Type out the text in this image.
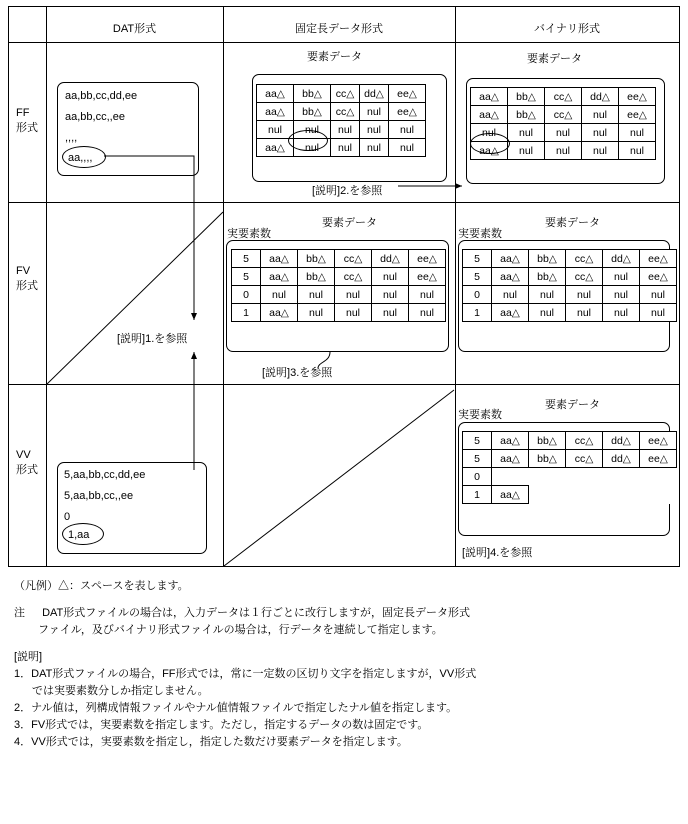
DAT形式	固定長データ形式	バイナリ形式
FF
形式
FV
形式
VV
形式
aa,bb,cc,dd,ee
aa,bb,cc,,ee
,,,,
aa,,,,
5,aa,bb,cc,dd,ee
5,aa,bb,cc,,ee
0
1,aa
要素データ
aa△	bb△	cc△	dd△	ee△
aa△	bb△	cc△	nul	ee△
nul	nul	nul	nul	nul
aa△	nul	nul	nul	nul
[説明]2.を参照
要素データ
aa△	bb△	cc△	dd△	ee△
aa△	bb△	cc△	nul	ee△
nul	nul	nul	nul	nul
aa△	nul	nul	nul	nul
実要素数
要素データ
5	aa△	bb△	cc△	dd△	ee△
5	aa△	bb△	cc△	nul	ee△
0	nul	nul	nul	nul	nul
1	aa△	nul	nul	nul	nul
[説明]3.を参照
実要素数
要素データ
5	aa△	bb△	cc△	dd△	ee△
5	aa△	bb△	cc△	nul	ee△
0	nul	nul	nul	nul	nul
1	aa△	nul	nul	nul	nul
実要素数
要素データ
5	aa△	bb△	cc△	dd△	ee△
5	aa△	bb△	cc△	dd△	ee△
0					
1	aa△				
[説明]4.を参照
[説明]1.を参照
（凡例）△：スペースを表します。
注 DAT形式ファイルの場合は，入力データは１行ごとに改行しますが，固定長データ形式
ファイル，及びバイナリ形式ファイルの場合は，行データを連続して指定します。
[説明]
1．DAT形式ファイルの場合，FF形式では，常に一定数の区切り文字を指定しますが，VV形式
では実要素数分しか指定しません。
2．ナル値は，列構成情報ファイルやナル値情報ファイルで指定したナル値を指定します。
3．FV形式では，実要素数を指定します。ただし，指定するデータの数は固定です。
4．VV形式では，実要素数を指定し，指定した数だけ要素データを指定します。
